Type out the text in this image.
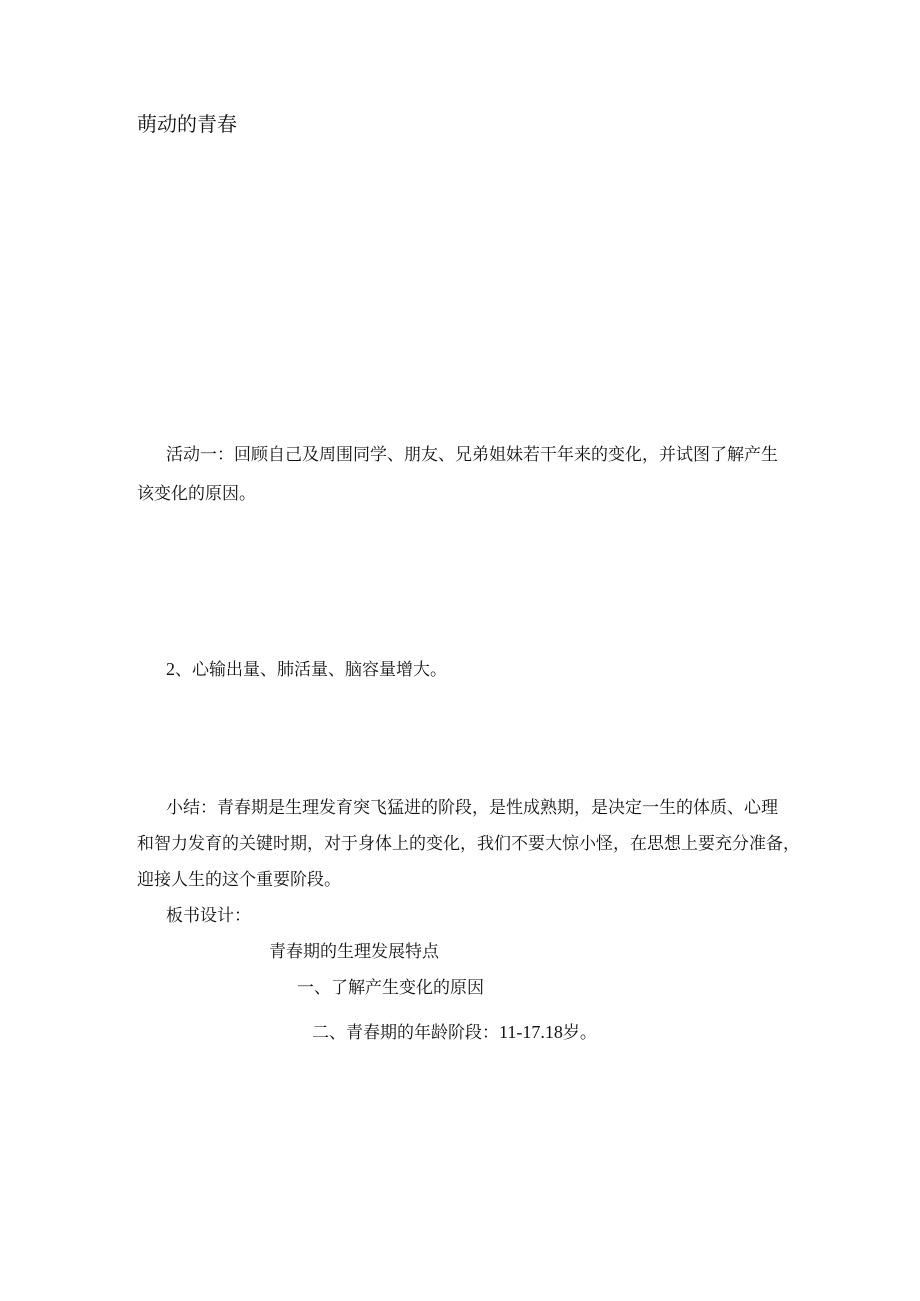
萌动的青春
活动一：回顾自己及周围同学、朋友、兄弟姐妹若干年来的变化，并试图了解产生
该变化的原因。
2、心输出量、肺活量、脑容量增大。
小结：青春期是生理发育突飞猛进的阶段，是性成熟期，是决定一生的体质、心理
和智力发育的关键时期，对于身体上的变化，我们不要大惊小怪，在思想上要充分准备，
迎接人生的这个重要阶段。
板书设计：
青春期的生理发展特点
一、了解产生变化的原因
二、青春期的年龄阶段：11-17.18岁。
